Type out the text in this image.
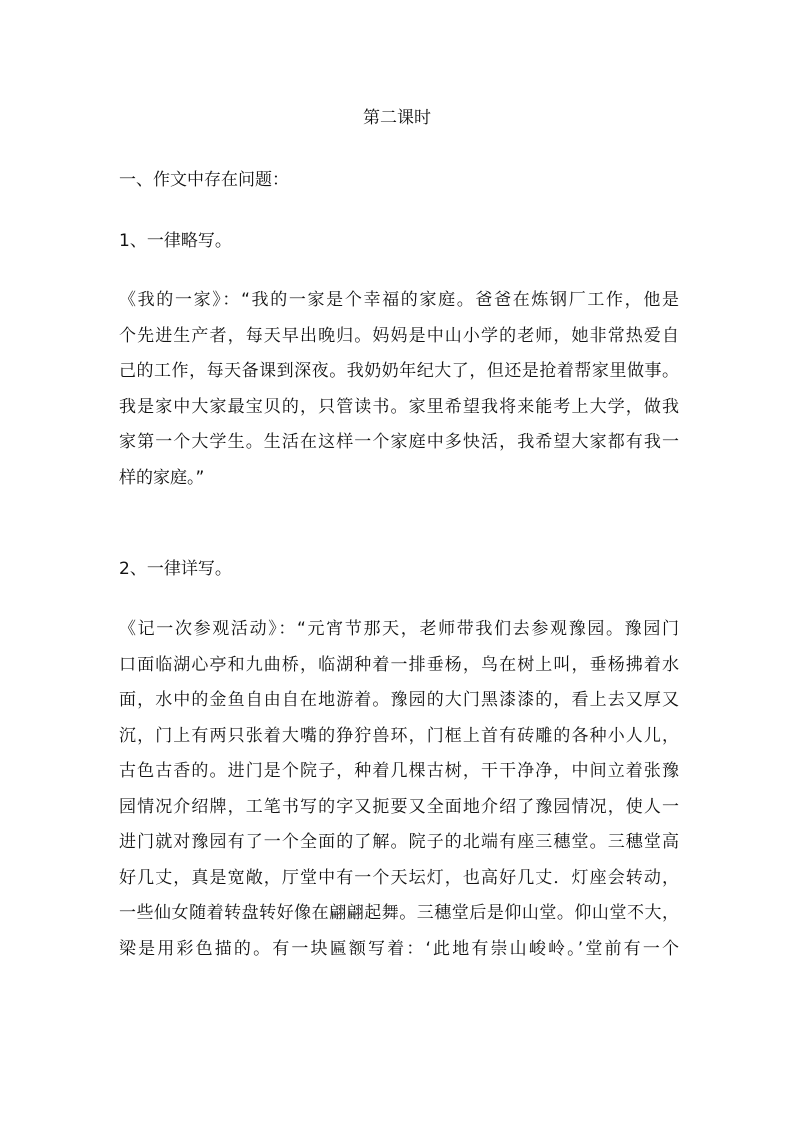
第二课时
一、作文中存在问题：
1、一律略写。
《我的一家》：“我的一家是个幸福的家庭。爸爸在炼钢厂工作，他是
个先进生产者，每天早出晚归。妈妈是中山小学的老师，她非常热爱自
己的工作，每天备课到深夜。我奶奶年纪大了，但还是抢着帮家里做事。
我是家中大家最宝贝的，只管读书。家里希望我将来能考上大学，做我
家第一个大学生。生活在这样一个家庭中多快活，我希望大家都有我一
样的家庭。”
2、一律详写。
《记一次参观活动》：“元宵节那天，老师带我们去参观豫园。豫园门
口面临湖心亭和九曲桥，临湖种着一排垂杨，鸟在树上叫，垂杨拂着水
面，水中的金鱼自由自在地游着。豫园的大门黑漆漆的，看上去又厚又
沉，门上有两只张着大嘴的狰狞兽环，门框上首有砖雕的各种小人儿，
古色古香的。进门是个院子，种着几棵古树，干干净净，中间立着张豫
园情况介绍牌，工笔书写的字又扼要又全面地介绍了豫园情况，使人一
进门就对豫园有了一个全面的了解。院子的北端有座三穗堂。三穗堂高
好几丈，真是宽敞，厅堂中有一个天坛灯，也高好几丈．灯座会转动，
一些仙女随着转盘转好像在翩翩起舞。三穗堂后是仰山堂。仰山堂不大，
梁是用彩色描的。有一块匾额写着：‘此地有崇山峻岭。’堂前有一个
